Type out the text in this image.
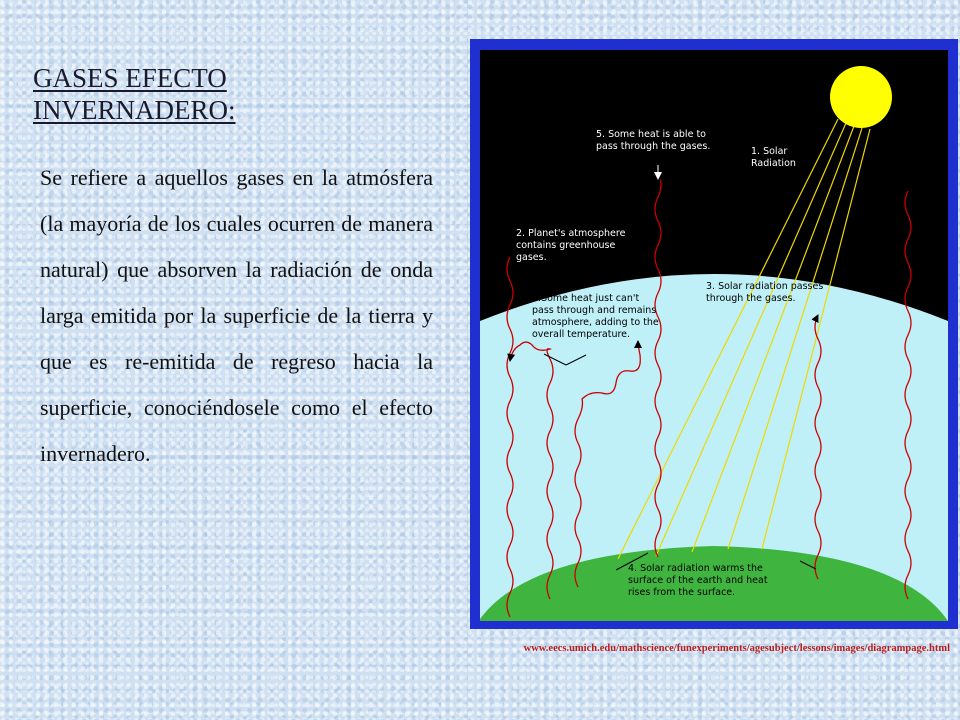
GASES EFECTO
INVERNADERO:

Se refiere a aquellos gases en la atmósfera (la mayoría de los cuales ocurren de manera natural) que absorven la radiación de onda larga emitida por la superficie de la tierra y que es re-emitida de regreso hacia la superficie, conociéndosele como el efecto invernadero.

1. Solar Radiation
2. Planet's atmosphere contains greenhouse gases.
3. Solar radiation passes through the gases.
4. Solar radiation warms the surface of the earth and heat rises from the surface.
5. Some heat is able to pass through the gases.
6.Some heat just can't pass through and remains atmosphere, adding to the overall temperature.
www.eecs.umich.edu/mathscience/funexperiments/agesubject/lessons/images/diagrampage.html
